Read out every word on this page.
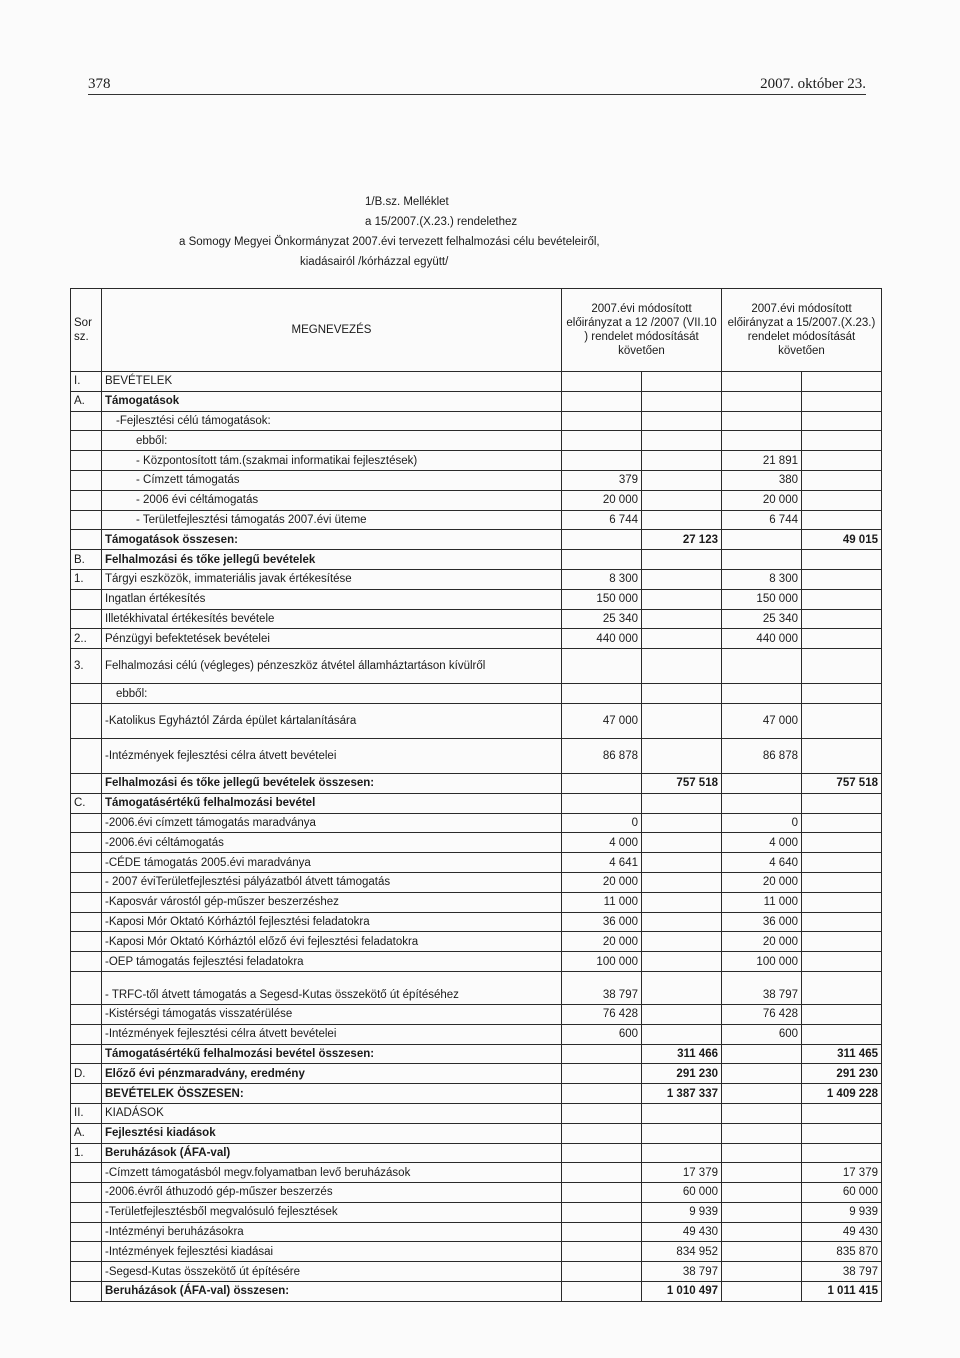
378	2007. október 23.
1/B.sz. Melléklet
a 15/2007.(X.23.) rendelethez
a Somogy Megyei Önkormányzat 2007.évi tervezett felhalmozási célu bevételeiről,
kiadásairól /kórházzal együtt/
Sor sz.	MEGNEVEZÉS	2007.évi módosított előirányzat a 12 /2007 (VII.10 ) rendelet módosítását követően		2007.évi módosított előirányzat a 15/2007.(X.23.) rendelet módosítását követően	
I.	BEVÉTELEK				
A.	Támogatások				
	-Fejlesztési célú támogatások:				
	ebből:				
	- Központosított tám.(szakmai informatikai fejlesztések)			21 891	
	- Címzett támogatás	379		380	
	- 2006 évi céltámogatás	20 000		20 000	
	- Területfejlesztési támogatás 2007.évi üteme	6 744		6 744	
	Támogatások összesen:		27 123		49 015
B.	Felhalmozási és tőke jellegű bevételek				
1.	Tárgyi eszközök, immateriális javak értékesítése	8 300		8 300	
	Ingatlan értékesítés	150 000		150 000	
	Illetékhivatal értékesítés bevétele	25 340		25 340	
2..	Pénzügyi befektetések bevételei	440 000		440 000	
3.	Felhalmozási célú (végleges) pénzeszköz átvétel államháztartáson kívülről				
	ebből:				
	-Katolikus Egyháztól Zárda épület kártalanítására	47 000		47 000	
	-Intézmények fejlesztési célra átvett bevételei	86 878		86 878	
	Felhalmozási és tőke jellegű bevételek összesen:		757 518		757 518
C.	Támogatásértékű felhalmozási bevétel				
	-2006.évi címzett támogatás maradványa	0		0	
	-2006.évi céltámogatás	4 000		4 000	
	-CÉDE támogatás 2005.évi maradványa	4 641		4 640	
	- 2007 éviTerületfejlesztési pályázatból átvett támogatás	20 000		20 000	
	-Kaposvár várostól gép-műszer beszerzéshez	11 000		11 000	
	-Kaposi Mór Oktató Kórháztól fejlesztési feladatokra	36 000		36 000	
	-Kaposi Mór Oktató Kórháztól előző évi fejlesztési feladatokra	20 000		20 000	
	-OEP támogatás fejlesztési feladatokra	100 000		100 000	
	- TRFC-től átvett támogatás a Segesd-Kutas összekötő út építéséhez	38 797		38 797	
	-Kistérségi támogatás visszatérülése	76 428		76 428	
	-Intézmények fejlesztési célra átvett bevételei	600		600	
	Támogatásértékű felhalmozási bevétel összesen:		311 466		311 465
D.	Előző évi pénzmaradvány, eredmény		291 230		291 230
	BEVÉTELEK ÖSSZESEN:		1 387 337		1 409 228
II.	KIADÁSOK				
A.	Fejlesztési kiadások				
1.	Beruházások (ÁFA-val)				
	-Címzett támogatásból megv.folyamatban levő beruházások		17 379		17 379
	-2006.évről áthuzodó gép-műszer beszerzés		60 000		60 000
	-Területfejlesztésből megvalósuló fejlesztések		9 939		9 939
	-Intézményi beruházásokra		49 430		49 430
	-Intézmények fejlesztési kiadásai		834 952		835 870
	-Segesd-Kutas összekötő út építésére		38 797		38 797
	Beruházások (ÁFA-val) összesen:		1 010 497		1 011 415
